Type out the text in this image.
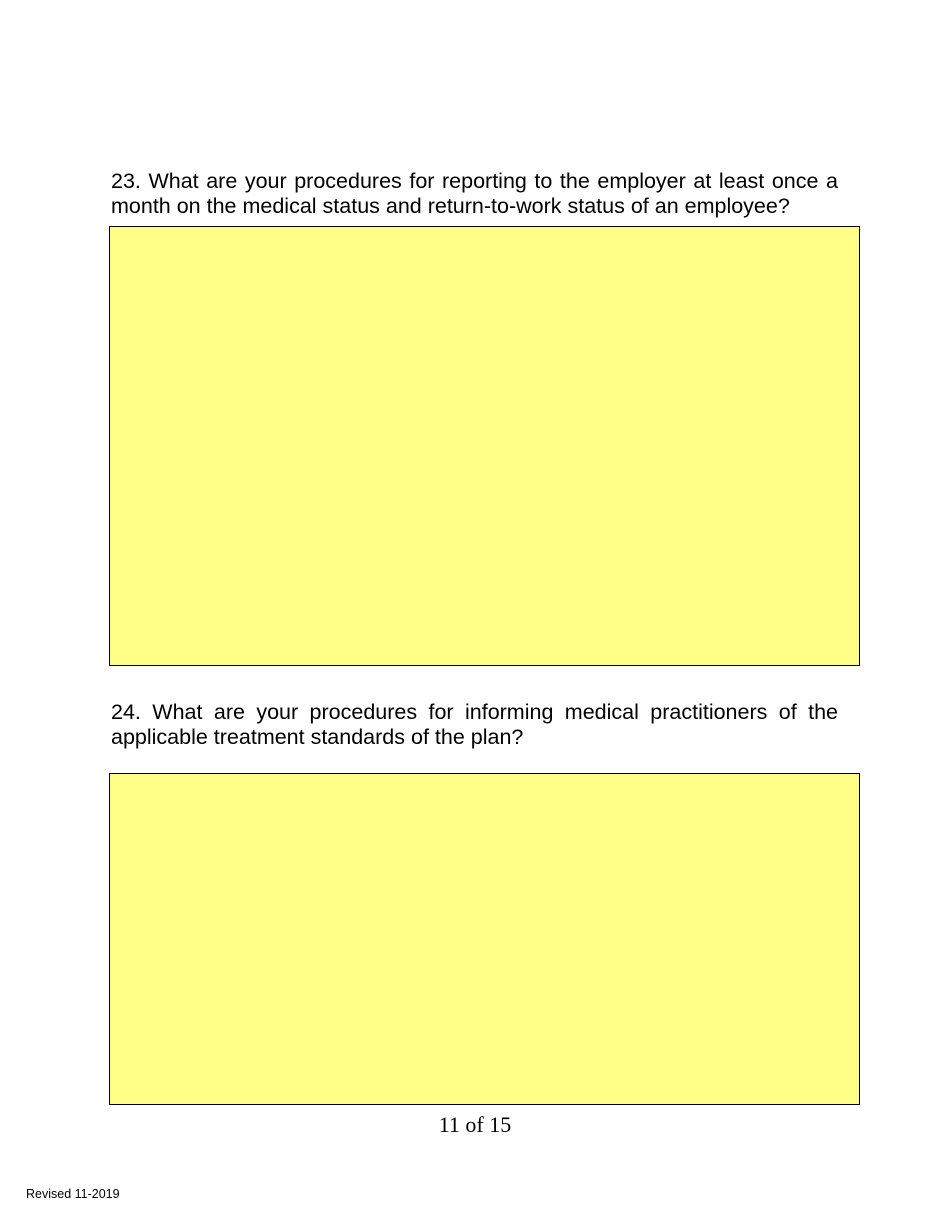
23. What are your procedures for reporting to the employer at least once a month on the medical status and return-to-work status of an employee?

24. What are your procedures for informing medical practitioners of the applicable treatment standards of the plan?

11 of 15
Revised 11-2019
